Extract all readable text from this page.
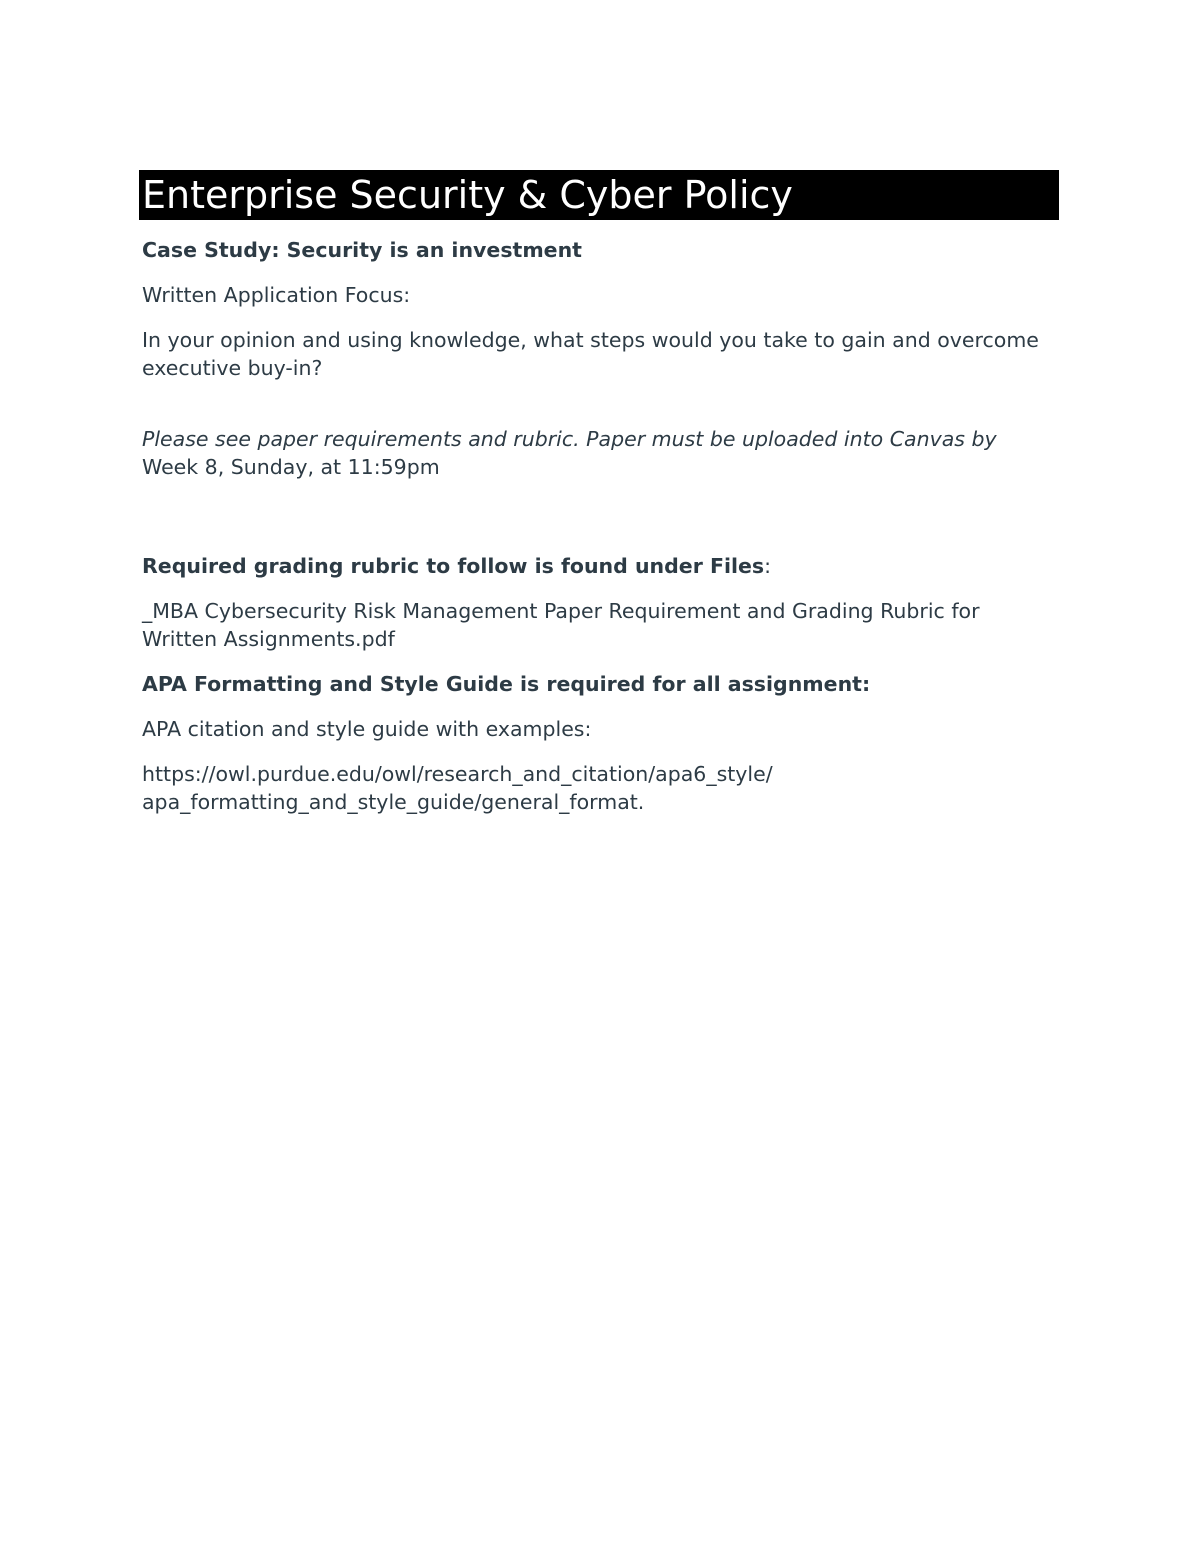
Enterprise Security & Cyber Policy

Case Study: Security is an investment

Written Application Focus:

In your opinion and using knowledge, what steps would you take to gain and overcome executive buy-in?

Please see paper requirements and rubric. Paper must be uploaded into Canvas by Week 8, Sunday, at 11:59pm

Required grading rubric to follow is found under Files:

_MBA Cybersecurity Risk Management Paper Requirement and Grading Rubric for Written Assignments.pdf

APA Formatting and Style Guide is required for all assignment:

APA citation and style guide with examples:

https://owl.purdue.edu/owl/research_and_citation/apa6_style/
apa_formatting_and_style_guide/general_format.
